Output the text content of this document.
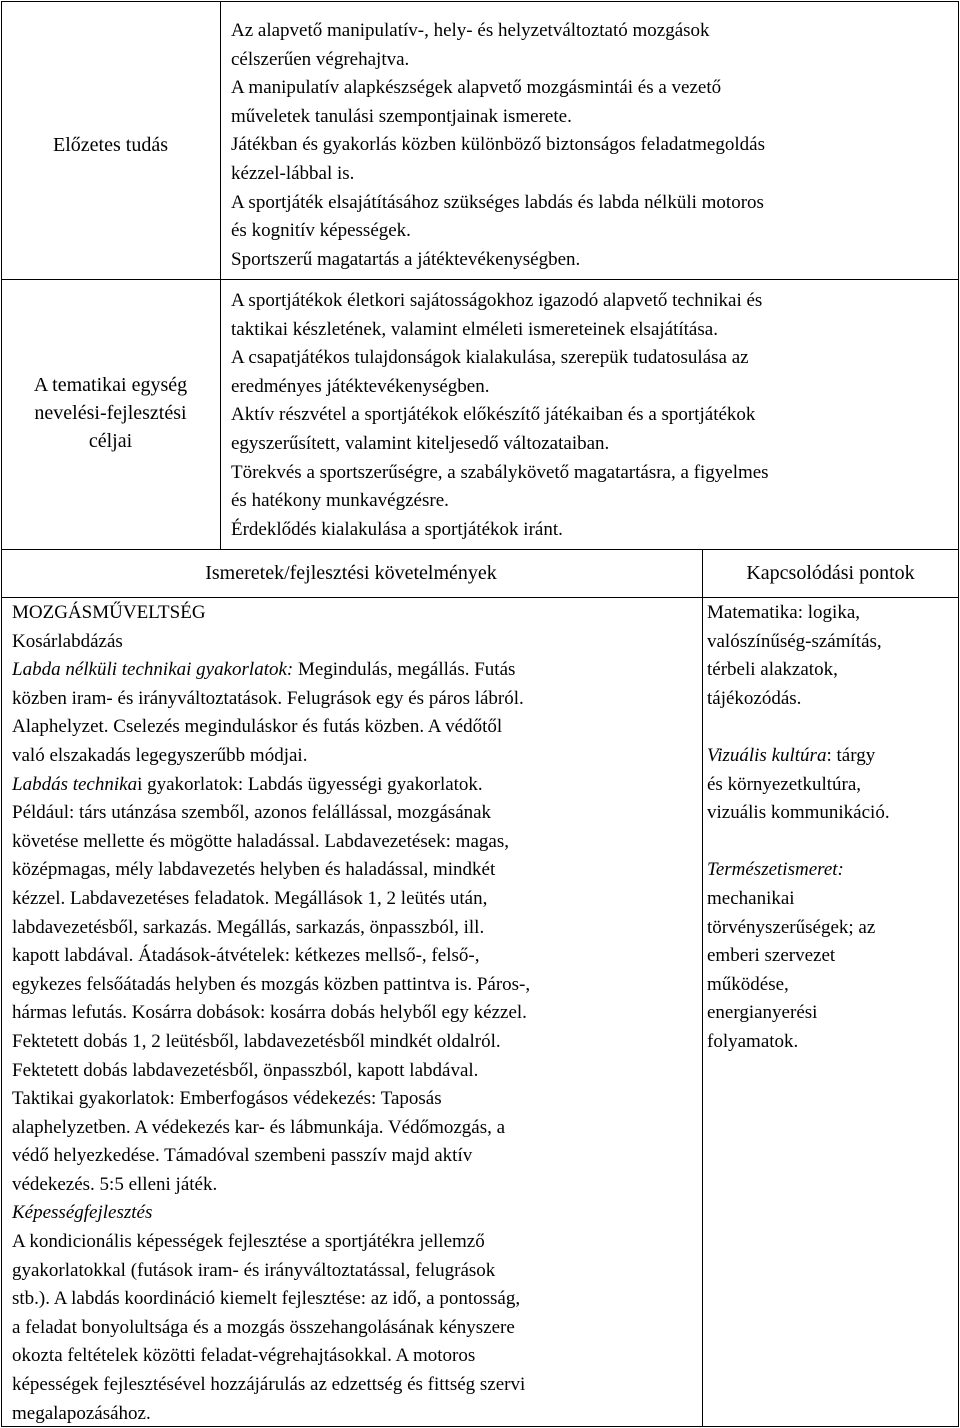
Előzetes tudás
Az alapvető manipulatív-, hely- és helyzetváltoztató mozgások
célszerűen végrehajtva.
A manipulatív alapkészségek alapvető mozgásmintái és a vezető
műveletek tanulási szempontjainak ismerete.
Játékban és gyakorlás közben különböző biztonságos feladatmegoldás
kézzel-lábbal is.
A sportjáték elsajátításához szükséges labdás és labda nélküli motoros
és kognitív képességek.
Sportszerű magatartás a játéktevékenységben.
A tematikai egység
nevelési-fejlesztési
céljai
A sportjátékok életkori sajátosságokhoz igazodó alapvető technikai és
taktikai készletének, valamint elméleti ismereteinek elsajátítása.
A csapatjátékos tulajdonságok kialakulása, szerepük tudatosulása az
eredményes játéktevékenységben.
Aktív részvétel a sportjátékok előkészítő játékaiban és a sportjátékok
egyszerűsített, valamint kiteljesedő változataiban.
Törekvés a sportszerűségre, a szabálykövető magatartásra, a figyelmes
és hatékony munkavégzésre.
Érdeklődés kialakulása a sportjátékok iránt.
Ismeretek/fejlesztési követelmények	Kapcsolódási pontok
MOZGÁSMŰVELTSÉG
Kosárlabdázás
Labda nélküli technikai gyakorlatok: Megindulás, megállás. Futás
közben iram- és irányváltoztatások. Felugrások egy és páros lábról.
Alaphelyzet. Cselezés meginduláskor és futás közben. A védőtől
való elszakadás legegyszerűbb módjai.
Labdás technikai gyakorlatok: Labdás ügyességi gyakorlatok.
Például: társ utánzása szemből, azonos felállással, mozgásának
követése mellette és mögötte haladással. Labdavezetések: magas,
középmagas, mély labdavezetés helyben és haladással, mindkét
kézzel. Labdavezetéses feladatok. Megállások 1, 2 leütés után,
labdavezetésből, sarkazás. Megállás, sarkazás, önpasszból, ill.
kapott labdával. Átadások-átvételek: kétkezes mellső-, felső-,
egykezes felsőátadás helyben és mozgás közben pattintva is. Páros-,
hármas lefutás. Kosárra dobások: kosárra dobás helyből egy kézzel.
Fektetett dobás 1, 2 leütésből, labdavezetésből mindkét oldalról.
Fektetett dobás labdavezetésből, önpasszból, kapott labdával.
Taktikai gyakorlatok: Emberfogásos védekezés: Taposás
alaphelyzetben. A védekezés kar- és lábmunkája. Védőmozgás, a
védő helyezkedése. Támadóval szembeni passzív majd aktív
védekezés. 5:5 elleni játék.
Képességfejlesztés
A kondicionális képességek fejlesztése a sportjátékra jellemző
gyakorlatokkal (futások iram- és irányváltoztatással, felugrások
stb.). A labdás koordináció kiemelt fejlesztése: az idő, a pontosság,
a feladat bonyolultsága és a mozgás összehangolásának kényszere
okozta feltételek közötti feladat-végrehajtásokkal. A motoros
képességek fejlesztésével hozzájárulás az edzettség és fittség szervi
megalapozásához.
Matematika: logika,
valószínűség-számítás,
térbeli alakzatok,
tájékozódás.

Vizuális kultúra: tárgy
és környezetkultúra,
vizuális kommunikáció.

Természetismeret:
mechanikai
törvényszerűségek; az
emberi szervezet
működése,
energianyerési
folyamatok.
